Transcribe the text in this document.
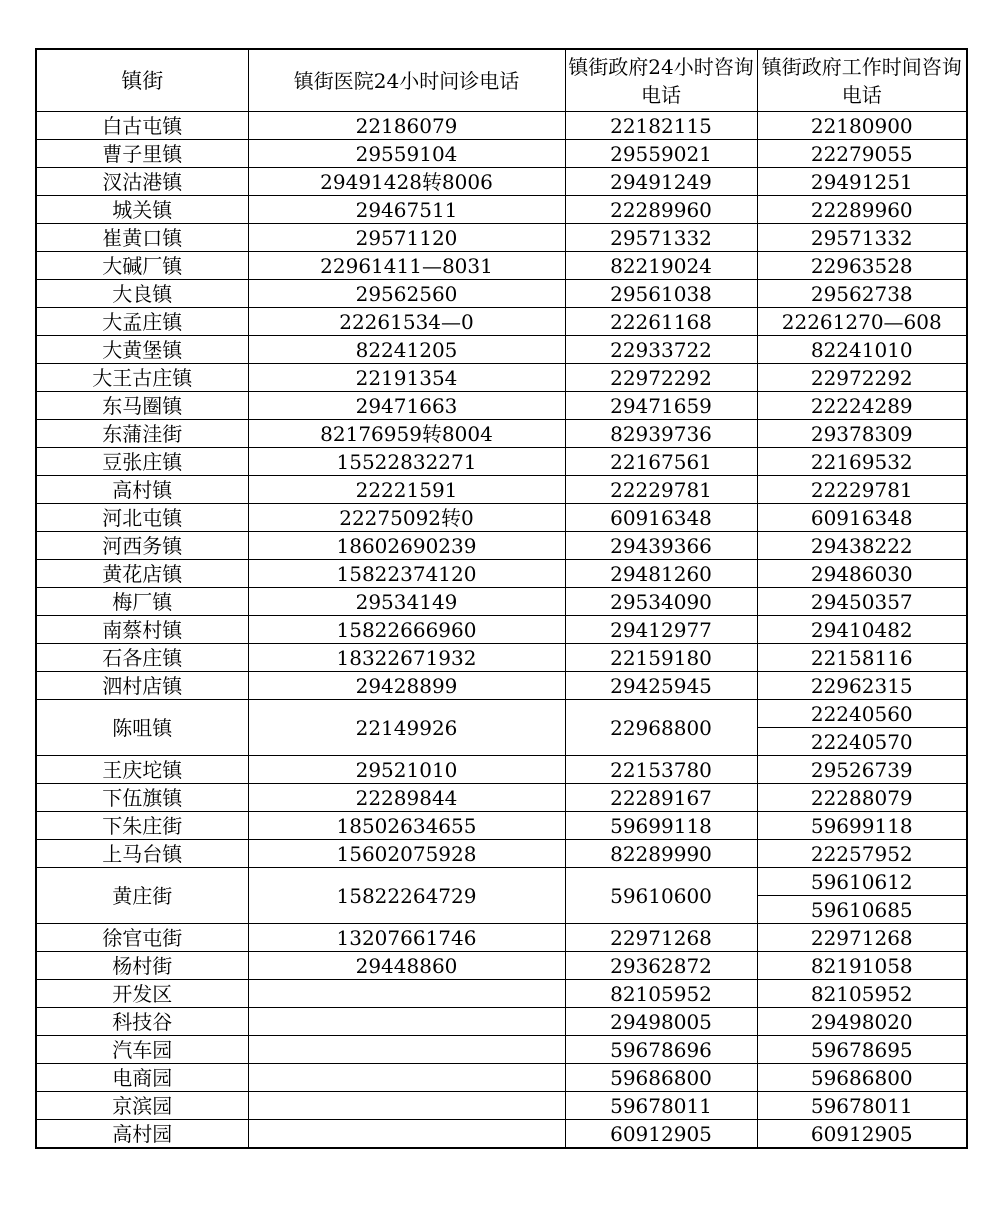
镇街	镇街医院24小时问诊电话	镇街政府24小时咨询电话	镇街政府工作时间咨询电话
白古屯镇	22186079	22182115	22180900
曹子里镇	29559104	29559021	22279055
汊沽港镇	29491428转8006	29491249	29491251
城关镇	29467511	22289960	22289960
崔黄口镇	29571120	29571332	29571332
大碱厂镇	22961411—8031	82219024	22963528
大良镇	29562560	29561038	29562738
大孟庄镇	22261534—0	22261168	22261270—608
大黄堡镇	82241205	22933722	82241010
大王古庄镇	22191354	22972292	22972292
东马圈镇	29471663	29471659	22224289
东蒲洼街	82176959转8004	82939736	29378309
豆张庄镇	15522832271	22167561	22169532
高村镇	22221591	22229781	22229781
河北屯镇	22275092转0	60916348	60916348
河西务镇	18602690239	29439366	29438222
黄花店镇	15822374120	29481260	29486030
梅厂镇	29534149	29534090	29450357
南蔡村镇	15822666960	29412977	29410482
石各庄镇	18322671932	22159180	22158116
泗村店镇	29428899	29425945	22962315
陈咀镇	22149926	22968800	22240560
			22240570
王庆坨镇	29521010	22153780	29526739
下伍旗镇	22289844	22289167	22288079
下朱庄街	18502634655	59699118	59699118
上马台镇	15602075928	82289990	22257952
黄庄街	15822264729	59610600	59610612
			59610685
徐官屯街	13207661746	22971268	22971268
杨村街	29448860	29362872	82191058
开发区		82105952	82105952
科技谷		29498005	29498020
汽车园		59678696	59678695
电商园		59686800	59686800
京滨园		59678011	59678011
高村园		60912905	60912905
